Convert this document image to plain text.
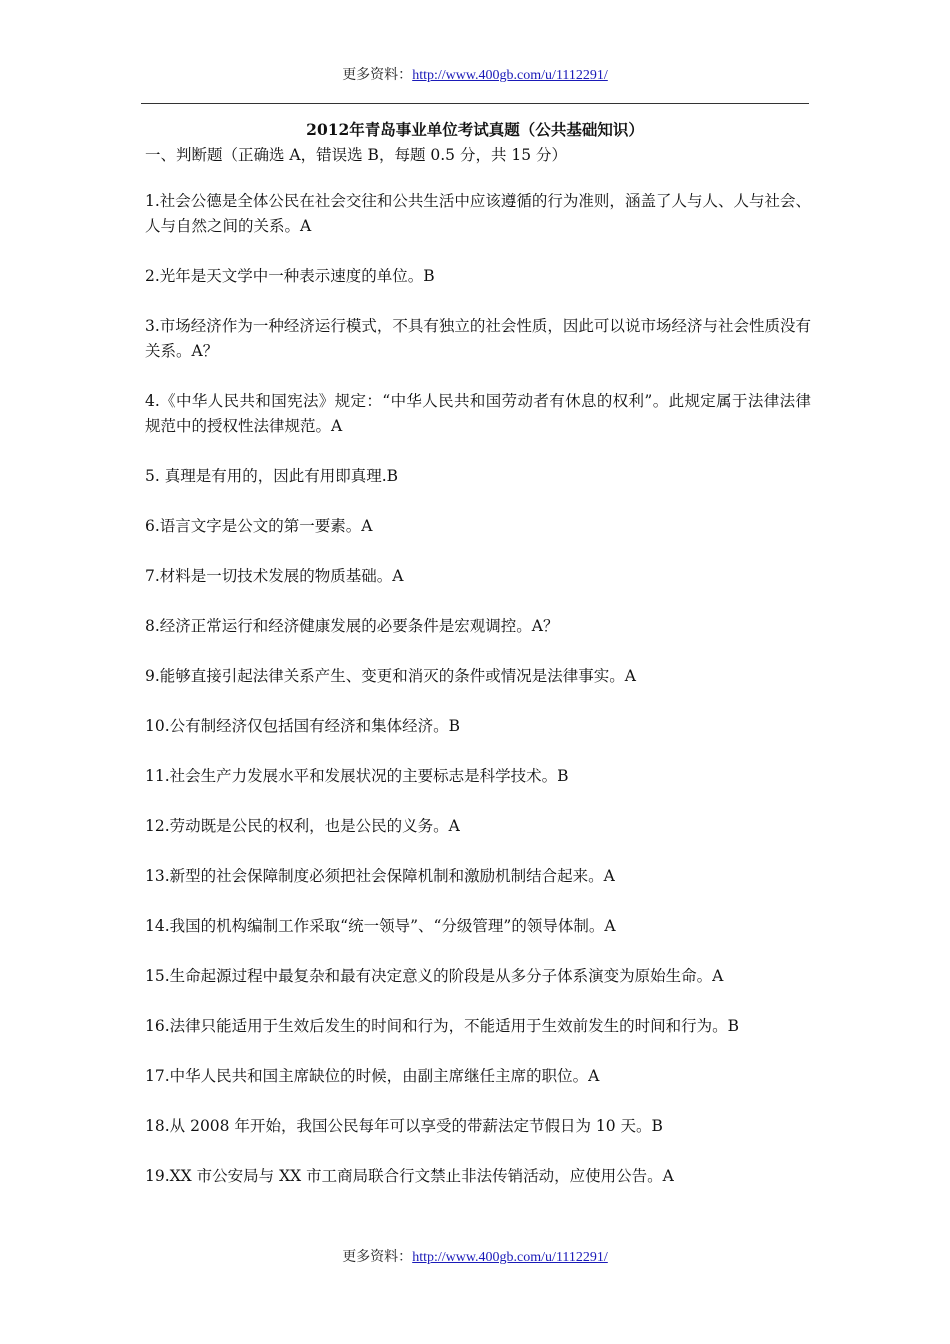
更多资料：http://www.400gb.com/u/1112291/
2012年青岛事业单位考试真题（公共基础知识）
一、判断题（正确选 A，错误选 B，每题 0.5 分，共 15 分）
1.社会公德是全体公民在社会交往和公共生活中应该遵循的行为准则，涵盖了人与人、人与社会、人与自然之间的关系。A
2.光年是天文学中一种表示速度的单位。B
3.市场经济作为一种经济运行模式，不具有独立的社会性质，因此可以说市场经济与社会性质没有关系。A？
4.《中华人民共和国宪法》规定：“中华人民共和国劳动者有休息的权利”。此规定属于法律法律规范中的授权性法律规范。A
5. 真理是有用的，因此有用即真理.B
6.语言文字是公文的第一要素。A
7.材料是一切技术发展的物质基础。A
8.经济正常运行和经济健康发展的必要条件是宏观调控。A？
9.能够直接引起法律关系产生、变更和消灭的条件或情况是法律事实。A
10.公有制经济仅包括国有经济和集体经济。B
11.社会生产力发展水平和发展状况的主要标志是科学技术。B
12.劳动既是公民的权利，也是公民的义务。A
13.新型的社会保障制度必须把社会保障机制和激励机制结合起来。A
14.我国的机构编制工作采取“统一领导”、“分级管理”的领导体制。A
15.生命起源过程中最复杂和最有决定意义的阶段是从多分子体系演变为原始生命。A
16.法律只能适用于生效后发生的时间和行为，不能适用于生效前发生的时间和行为。B
17.中华人民共和国主席缺位的时候，由副主席继任主席的职位。A
18.从 2008 年开始，我国公民每年可以享受的带薪法定节假日为 10 天。B
19.XX 市公安局与 XX 市工商局联合行文禁止非法传销活动，应使用公告。A
更多资料：http://www.400gb.com/u/1112291/
